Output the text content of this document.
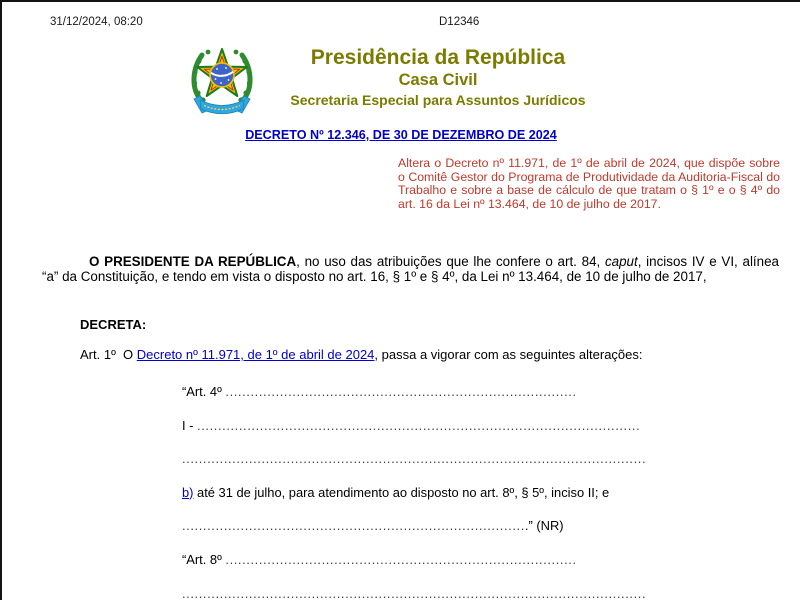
31/12/2024, 08:20	D12346
Presidência da República
Casa Civil
Secretaria Especial para Assuntos Jurídicos
DECRETO Nº 12.346, DE 30 DE DEZEMBRO DE 2024

Altera o Decreto nº 11.971, de 1º de abril de 2024, que dispõe sobre o Comitê Gestor do Programa de Produtividade da Auditoria-Fiscal do Trabalho e sobre a base de cálculo de que tratam o § 1º e o § 4º do art. 16 da Lei nº 13.464, de 10 de julho de 2017.

O PRESIDENTE DA REPÚBLICA, no uso das atribuições que lhe confere o art. 84, caput, incisos IV e VI, alínea “a” da Constituição, e tendo em vista o disposto no art. 16, § 1º e § 4º, da Lei nº 13.464, de 10 de julho de 2017,

DECRETA:

Art. 1º  O Decreto nº 11.971, de 1º de abril de 2024, passa a vigorar com as seguintes alterações:

“Art. 4º ....................................................................................
I - ..........................................................................................................
...............................................................................................................
b) até 31 de julho, para atendimento ao disposto no art. 8º, § 5º, inciso II; e
...................................................................................” (NR)
“Art. 8º ....................................................................................
...............................................................................................................
